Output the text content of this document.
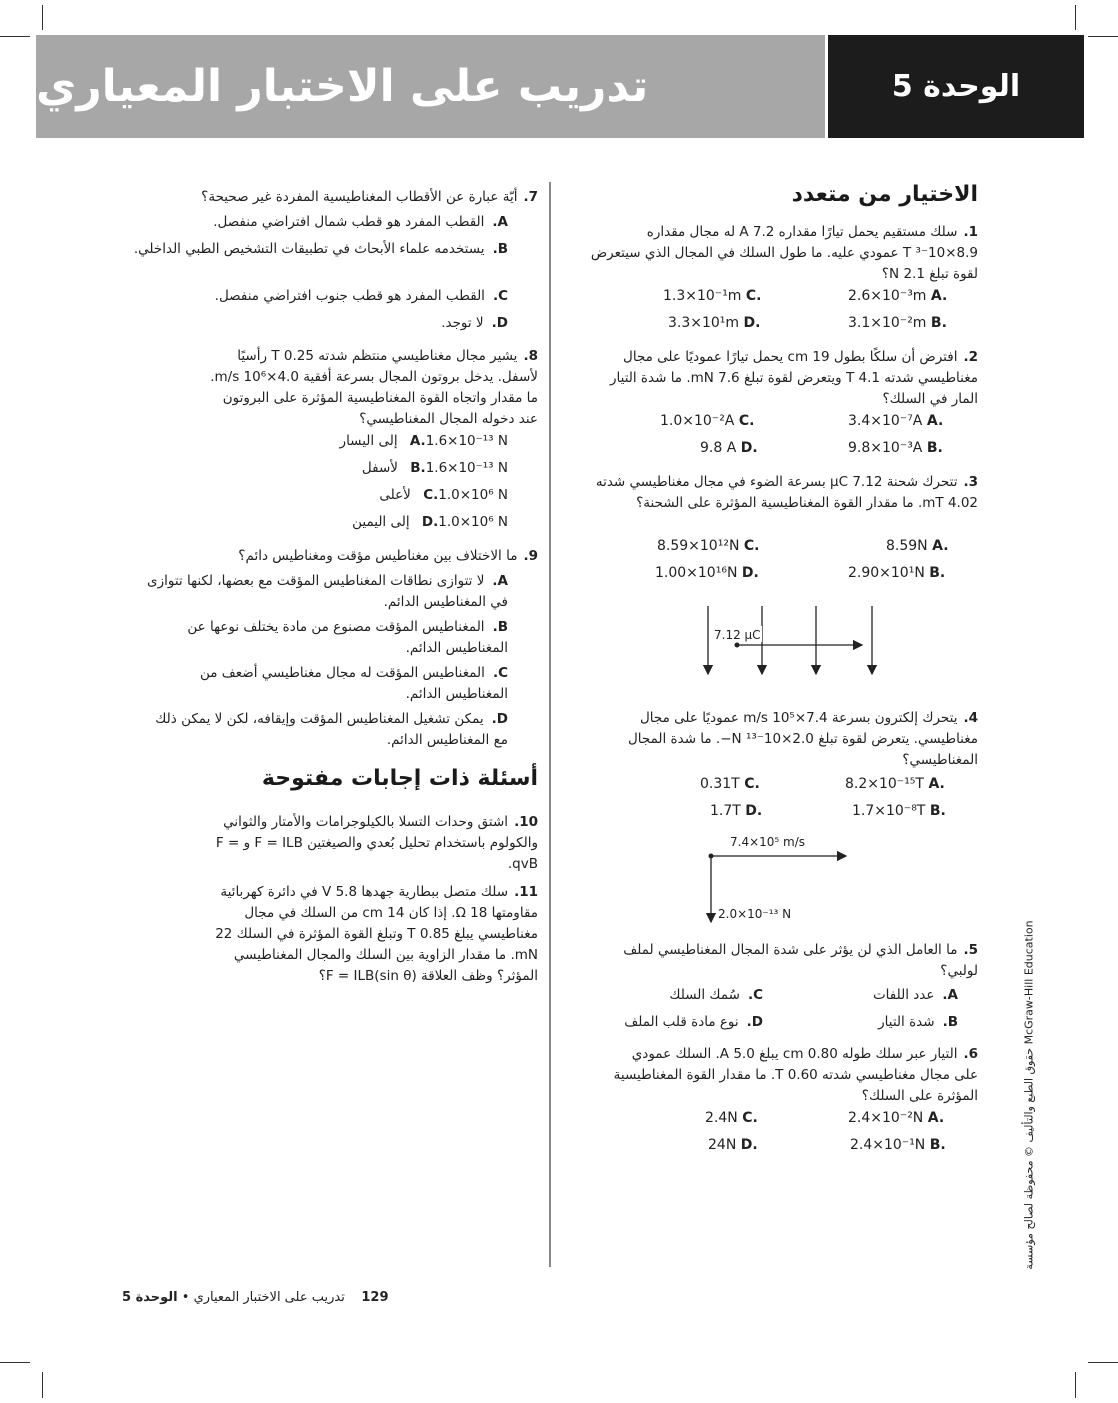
تدريب على الاختبار المعياري	الوحدة 5
الاختيار من متعدد
1.سلك مستقيم يحمل تيارًا مقداره 7.2 A له مجال مقداره 8.9×10⁻³ T عمودي عليه. ما طول السلك في المجال الذي سيتعرض لقوة تبلغ 2.1 N؟
2.6×10⁻³m A.
1.3×10⁻¹m C.
3.1×10⁻²m B.
3.3×10¹m D.
2.افترض أن سلكًا بطول 19 cm يحمل تيارًا عموديًا على مجال مغناطيسي شدته 4.1 T ويتعرض لقوة تبلغ 7.6 mN. ما شدة التيار المار في السلك؟
3.4×10⁻⁷A A.
1.0×10⁻²A C.
9.8×10⁻³A B.
9.8 A D.
3.تتحرك شحنة 7.12 μC بسرعة الضوء في مجال مغناطيسي شدته 4.02 mT. ما مقدار القوة المغناطيسية المؤثرة على الشحنة؟
8.59N A.
8.59×10¹²N C.
2.90×10¹N B.
1.00×10¹⁶N D.
7.12 μC
4.يتحرك إلكترون بسرعة 7.4×10⁵ m/s عموديًا على مجال مغناطيسي. يتعرض لقوة تبلغ 2.0×10⁻¹³ N−. ما شدة المجال المغناطيسي؟
8.2×10⁻¹⁵T A.
0.31T C.
1.7×10⁻⁸T B.
1.7T D.
7.4×10⁵ m/s
2.0×10⁻¹³ N
5.ما العامل الذي لن يؤثر على شدة المجال المغناطيسي لملف لولبي؟
A.عدد اللفات
C.سُمك السلك
B.شدة التيار
D.نوع مادة قلب الملف
6.التيار عبر سلك طوله 0.80 cm يبلغ 5.0 A. السلك عمودي على مجال مغناطيسي شدته 0.60 T. ما مقدار القوة المغناطيسية المؤثرة على السلك؟
2.4×10⁻²N A.
2.4N C.
2.4×10⁻¹N B.
24N D.
7.أيّة عبارة عن الأقطاب المغناطيسية المفردة غير صحيحة؟
A.القطب المفرد هو قطب شمال افتراضي منفصل.
B.يستخدمه علماء الأبحاث في تطبيقات التشخيص الطبي الداخلي.
C.القطب المفرد هو قطب جنوب افتراضي منفصل.
D.لا توجد.
8.يشير مجال مغناطيسي منتظم شدته 0.25 T رأسيًا لأسفل. يدخل بروتون المجال بسرعة أفقية 4.0×10⁶ m/s. ما مقدار واتجاه القوة المغناطيسية المؤثرة على البروتون عند دخوله المجال المغناطيسي؟
A.1.6×10⁻¹³ N إلى اليسار
B.1.6×10⁻¹³ N لأسفل
C.1.0×10⁶ N لأعلى
D.1.0×10⁶ N إلى اليمين
9.ما الاختلاف بين مغناطيس مؤقت ومغناطيس دائم؟
A.لا تتوازى نطاقات المغناطيس المؤقت مع بعضها، لكنها تتوازى في المغناطيس الدائم.
B.المغناطيس المؤقت مصنوع من مادة يختلف نوعها عن المغناطيس الدائم.
C.المغناطيس المؤقت له مجال مغناطيسي أضعف من المغناطيس الدائم.
D.يمكن تشغيل المغناطيس المؤقت وإيقافه، لكن لا يمكن ذلك مع المغناطيس الدائم.
أسئلة ذات إجابات مفتوحة
10.اشتق وحدات التسلا بالكيلوجرامات والأمتار والثواني والكولوم باستخدام تحليل بُعدي والصيغتين F = ILB و F = qvB.
11.سلك متصل ببطارية جهدها 5.8 V في دائرة كهربائية مقاومتها Ω 18. إذا كان 14 cm من السلك في مجال مغناطيسي يبلغ 0.85 T وتبلغ القوة المؤثرة في السلك 22 mN. ما مقدار الزاوية بين السلك والمجال المغناطيسي المؤثر؟ وظف العلاقة (F = ILB(sin θ؟
129    تدريب على الاختبار المعياري • الوحدة 5
حقوق الطبع والتأليف © محفوظة لصالح مؤسسة McGraw-Hill Education
